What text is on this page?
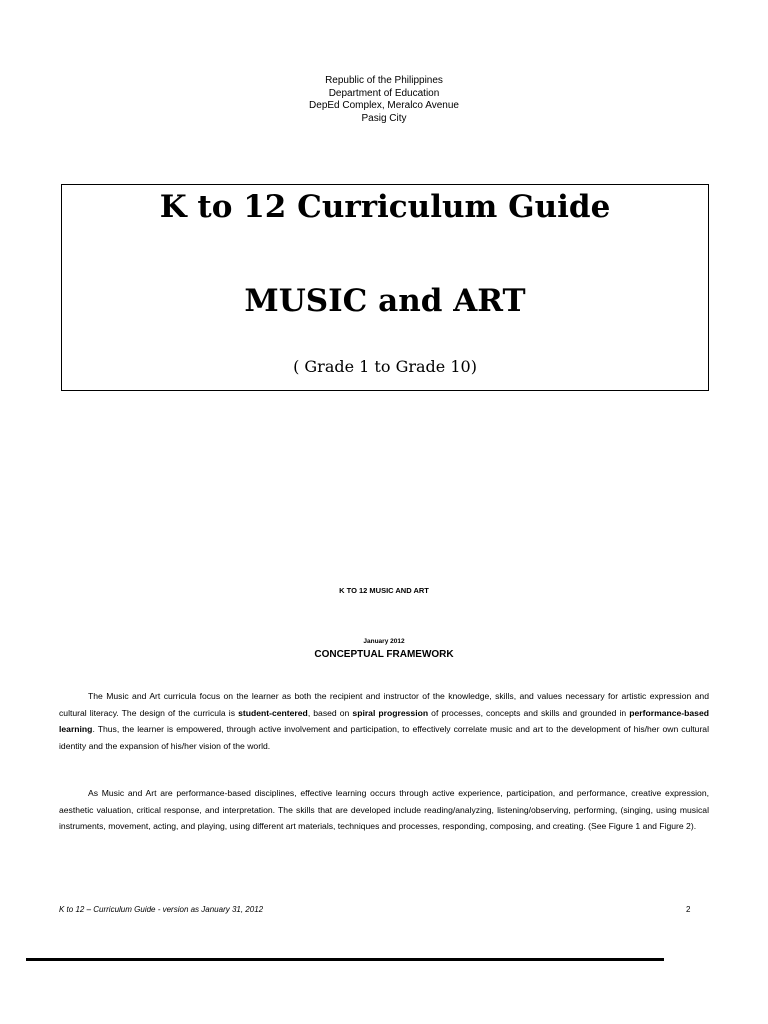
Republic of the Philippines
Department of Education
DepEd Complex, Meralco Avenue
Pasig City
K to 12 Curriculum Guide
MUSIC and ART
( Grade 1 to Grade 10)
K TO 12 MUSIC AND ART
January 2012
CONCEPTUAL FRAMEWORK

The Music and Art curricula focus on the learner as both the recipient and instructor of the knowledge, skills, and values necessary for artistic expression and cultural literacy. The design of the curricula is student-centered, based on spiral progression of processes, concepts and skills and grounded in performance-based learning. Thus, the learner is empowered, through active involvement and participation, to effectively correlate music and art to the development of his/her own cultural identity and the expansion of his/her vision of the world.

As Music and Art are performance-based disciplines, effective learning occurs through active experience, participation, and performance, creative expression, aesthetic valuation, critical response, and interpretation. The skills that are developed include reading/analyzing, listening/observing, performing, (singing, using musical instruments, movement, acting, and playing, using different art materials, techniques and processes, responding, composing, and creating. (See Figure 1 and Figure 2).

K to 12 – Curriculum Guide - version as January 31, 2012	2
